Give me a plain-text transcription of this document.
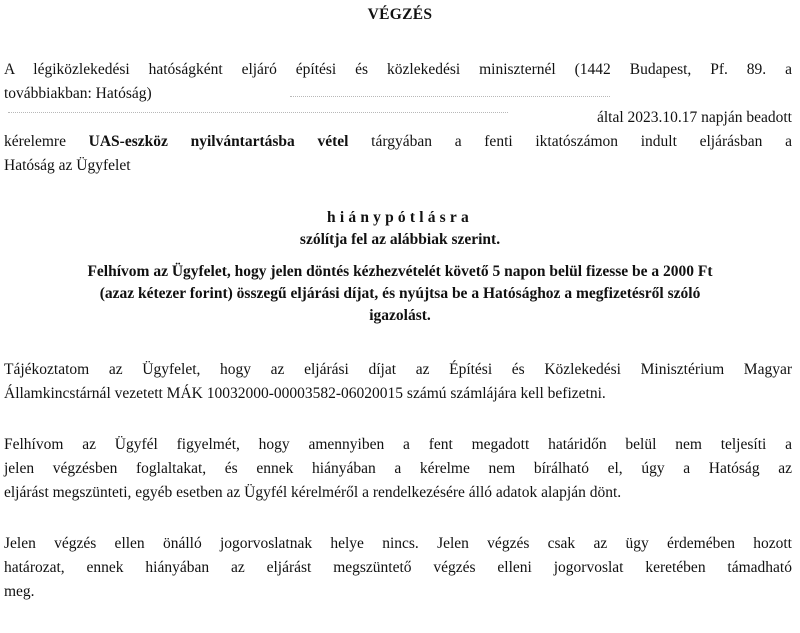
VÉGZÉS
A légiközlekedési hatóságként eljáró építési és közlekedési miniszternél (1442 Budapest, Pf. 89. a
továbbiakban: Hatóság)
által 2023.10.17 napján beadott
kérelemre UAS-eszköz nyilvántartásba vétel tárgyában a fenti iktatószámon indult eljárásban a
Hatóság az Ügyfelet
hiánypótlásra
szólítja fel az alábbiak szerint.
Felhívom az Ügyfelet, hogy jelen döntés kézhezvételét követő 5 napon belül fizesse be a 2000 Ft
(azaz kétezer forint) összegű eljárási díjat, és nyújtsa be a Hatósághoz a megfizetésről szóló
igazolást.
Tájékoztatom az Ügyfelet, hogy az eljárási díjat az Építési és Közlekedési Minisztérium Magyar
Államkincstárnál vezetett MÁK 10032000-00003582-06020015 számú számlájára kell befizetni.
Felhívom az Ügyfél figyelmét, hogy amennyiben a fent megadott határidőn belül nem teljesíti a
jelen végzésben foglaltakat, és ennek hiányában a kérelme nem bírálható el, úgy a Hatóság az
eljárást megszünteti, egyéb esetben az Ügyfél kérelméről a rendelkezésére álló adatok alapján dönt.
Jelen végzés ellen önálló jogorvoslatnak helye nincs. Jelen végzés csak az ügy érdemében hozott
határozat, ennek hiányában az eljárást megszüntető végzés elleni jogorvoslat keretében támadható
meg.
